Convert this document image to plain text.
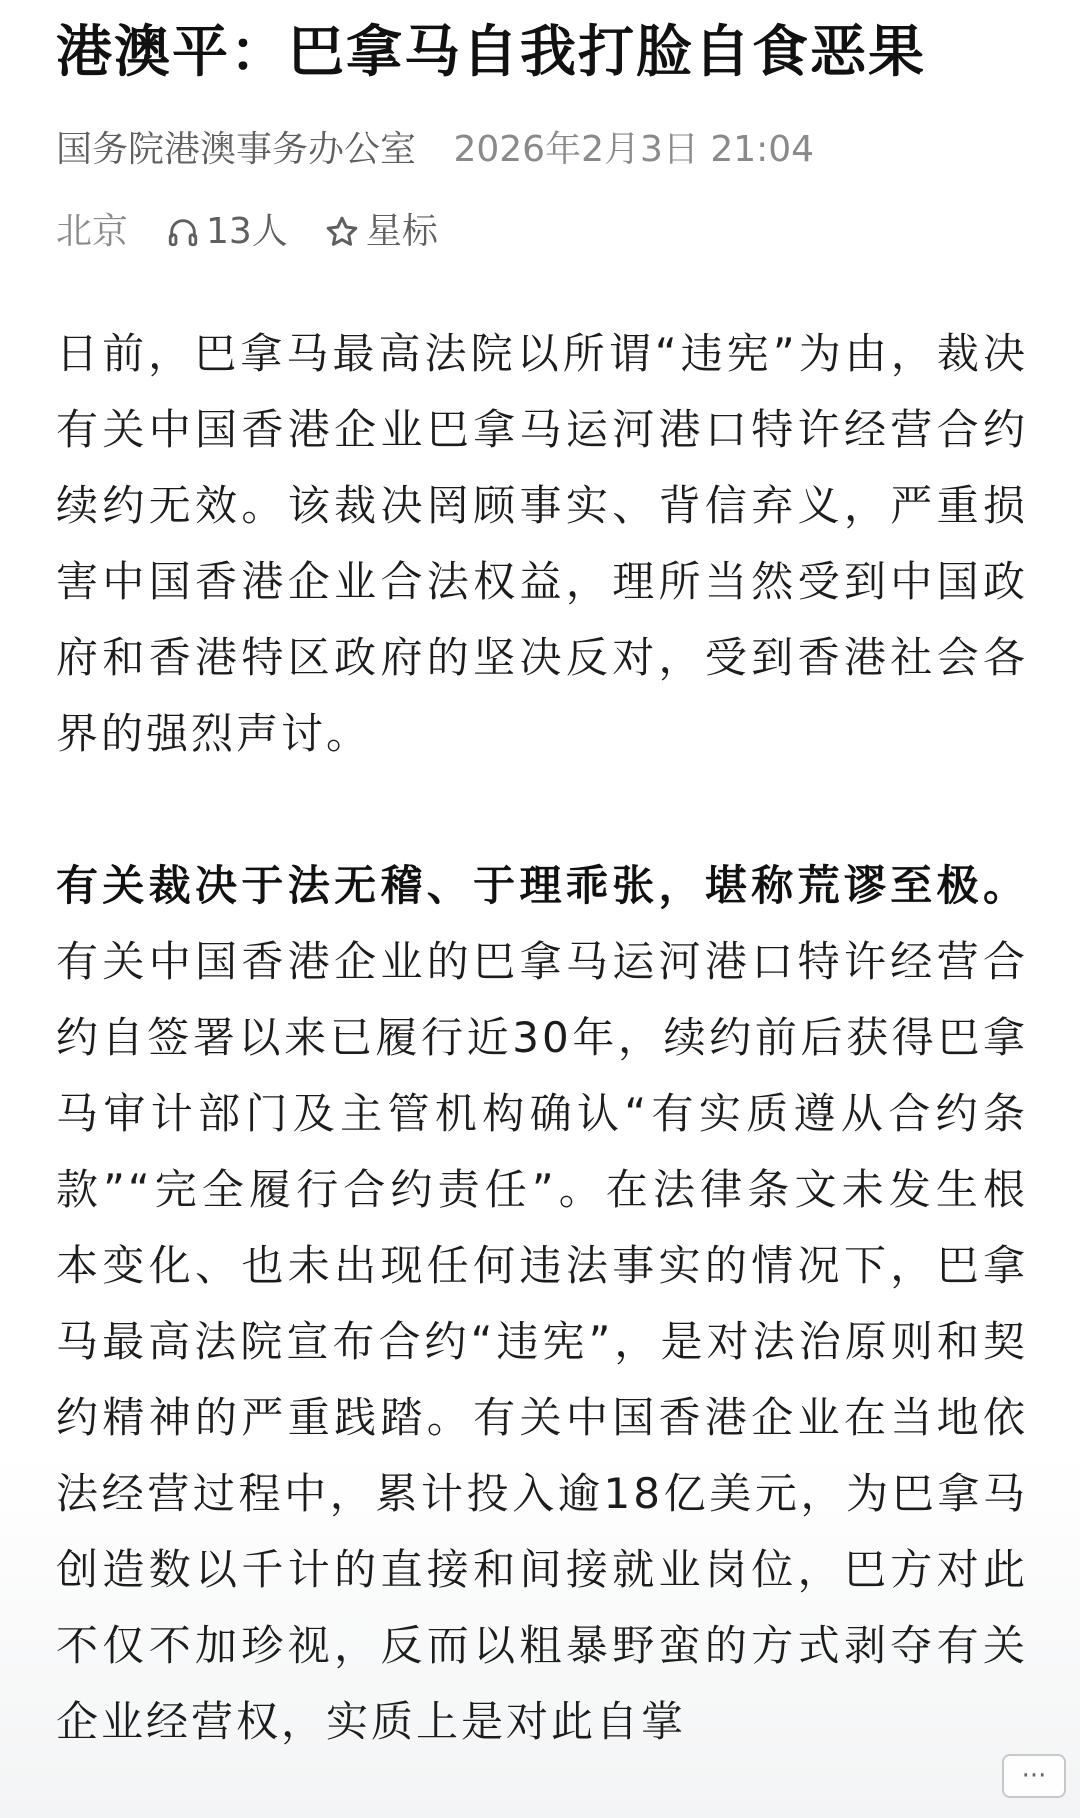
港澳平：巴拿马自我打脸自食恶果
国务院港澳事务办公室 2026年2月3日 21:04
北京 13人 星标

日前，巴拿马最高法院以所谓“违宪”为由，裁决有关中国香港企业巴拿马运河港口特许经营合约续约无效。该裁决罔顾事实、背信弃义，严重损害中国香港企业合法权益，理所当然受到中国政府和香港特区政府的坚决反对，受到香港社会各界的强烈声讨。

有关裁决于法无稽、于理乖张，堪称荒谬至极。有关中国香港企业的巴拿马运河港口特许经营合约自签署以来已履行近30年，续约前后获得巴拿马审计部门及主管机构确认“有实质遵从合约条款”“完全履行合约责任”。在法律条文未发生根本变化、也未出现任何违法事实的情况下，巴拿马最高法院宣布合约“违宪”，是对法治原则和契约精神的严重践踏。有关中国香港企业在当地依法经营过程中，累计投入逾18亿美元，为巴拿马创造数以千计的直接和间接就业岗位，巴方对此不仅不加珍视，反而以粗暴野蛮的方式剥夺有关企业经营权，实质上是对此自掌

···
